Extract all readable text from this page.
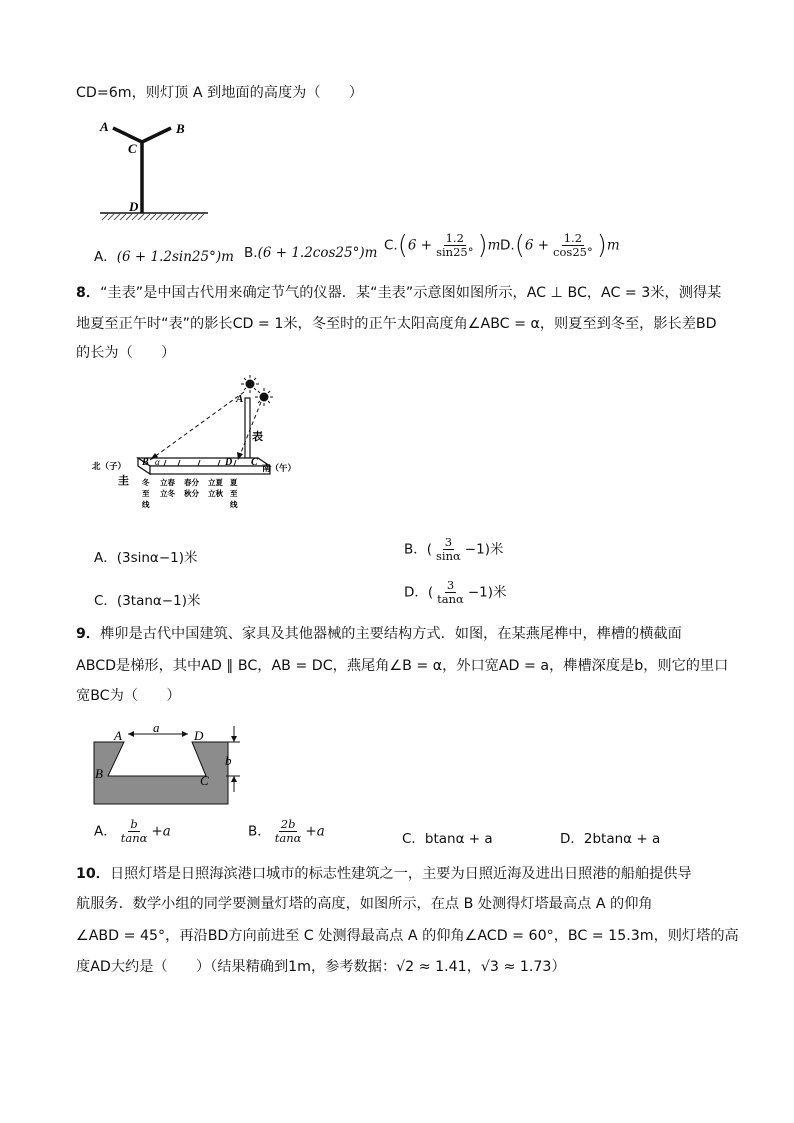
CD=6m，则灯顶 A 到地面的高度为（　　）
A	B
C
D
A．(6 + 1.2sin25°)m B.(6 + 1.2cos25°)m $C.(6 + \frac{1.2}{\sin 25^\circ} )m$ $D.(6 + \frac{1.2}{\cos 25^\circ} )m$
8．“圭表”是中国古代用来确定节气的仪器．某“圭表”示意图如图所示，AC ⊥ BC，AC = 3米，测得某
地夏至正午时“表”的影长CD = 1米，冬至时的正午太阳高度角∠ABC = α，则夏至到冬至，影长差BD
的长为（　　）
A
B α	D C
表
北（子）	南（午）
圭 冬
至
线
立春
立冬
春分
秋分
立夏
立秋
夏
至
线
A．(3sinα−1)米
B．( $\frac{3}{\sin\alpha} -1$)米
C．(3tanα−1)米
D．( $\frac{3}{\tan\alpha} -1$)米
9．榫卯是古代中国建筑、家具及其他器械的主要结构方式．如图，在某燕尾榫中，榫槽的横截面
ABCD是梯形，其中AD ∥ BC，AB = DC，燕尾角∠B = α，外口宽AD = a，榫槽深度是b，则它的里口
宽BC为（　　）
a
b
A	D
B	C
A． $\frac{b}{\tan\alpha} +a$	B． $\frac{2b}{\tan\alpha} +a$	C．btanα + a	D．2btanα + a
10．日照灯塔是日照海滨港口城市的标志性建筑之一，主要为日照近海及进出日照港的船舶提供导
航服务．数学小组的同学要测量灯塔的高度，如图所示，在点 B 处测得灯塔最高点 A 的仰角
∠ABD = 45°，再沿BD方向前进至 C 处测得最高点 A 的仰角∠ACD = 60°，BC = 15.3m，则灯塔的高
度AD大约是（　　）（结果精确到1m，参考数据：√2 ≈ 1.41，√3 ≈ 1.73）
